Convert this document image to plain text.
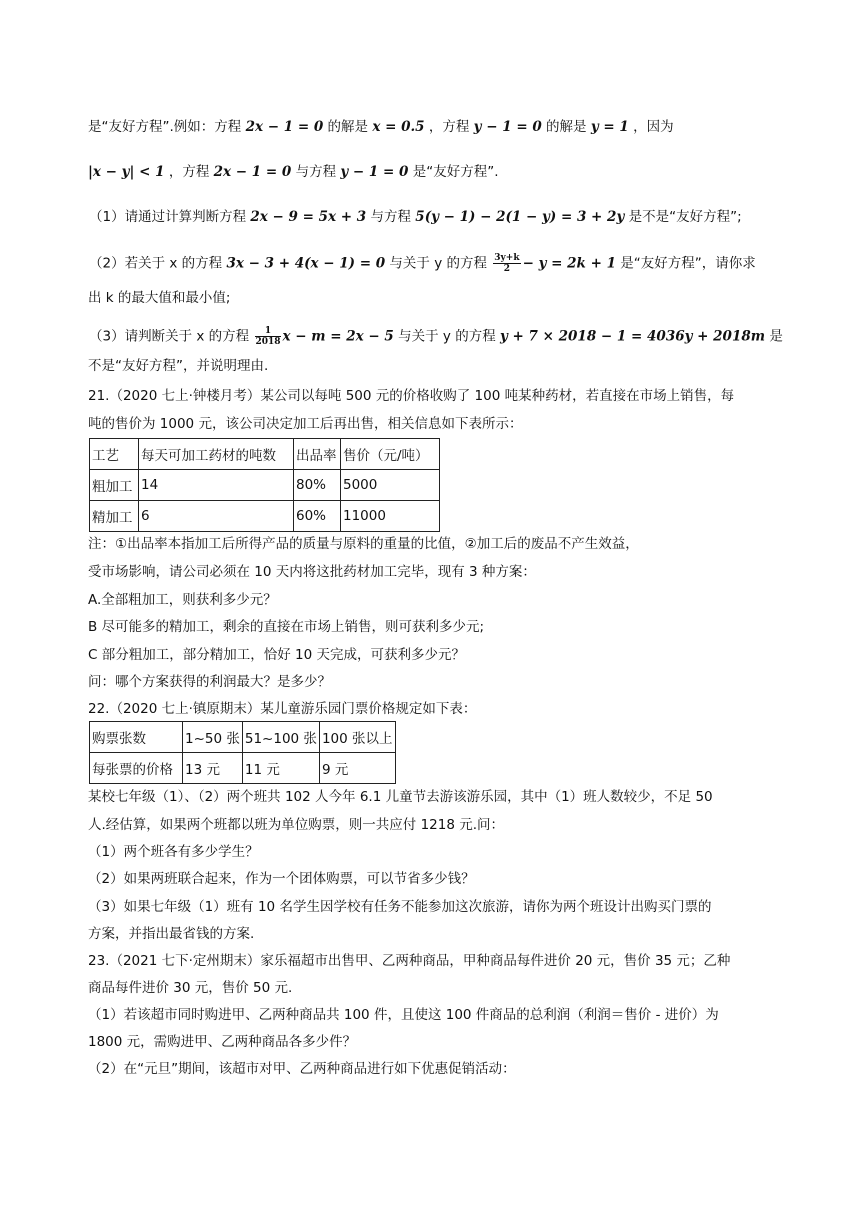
是“友好方程”.例如：方程 2x − 1 = 0 的解是 x = 0.5 ，方程 y − 1 = 0 的解是 y = 1 ，因为
|x − y| < 1 ，方程 2x − 1 = 0 与方程 y − 1 = 0 是“友好方程”.
（1）请通过计算判断方程 2x − 9 = 5x + 3 与方程 5(y − 1) − 2(1 − y) = 3 + 2y 是不是“友好方程”;
（2）若关于 x 的方程 3x − 3 + 4(x − 1) = 0 与关于 y 的方程 $\frac{3y+k}{2} - y = 2k + 1$ 是“友好方程”，请你求
出 k 的最大值和最小值;
（3）请判断关于 x 的方程 $\frac{1}{2018}$ x − m = 2x − 5 与关于 y 的方程 y + 7 × 2018 − 1 = 4036y + 2018m 是
不是“友好方程”，并说明理由.
21.（2020 七上·钟楼月考）某公司以每吨 500 元的价格收购了 100 吨某种药材，若直接在市场上销售，每
吨的售价为 1000 元，该公司决定加工后再出售，相关信息如下表所示：
工艺	每天可加工药材的吨数	出品率	售价（元/吨）
粗加工	14	80%	5000
精加工	6	60%	11000
注：①出品率本指加工后所得产品的质量与原料的重量的比值，②加工后的废品不产生效益，
受市场影响，请公司必须在 10 天内将这批药材加工完毕，现有 3 种方案：
A.全部粗加工，则获利多少元？
B 尽可能多的精加工，剩余的直接在市场上销售，则可获利多少元;
C 部分粗加工，部分精加工，恰好 10 天完成，可获利多少元？
问：哪个方案获得的利润最大？是多少？
22.（2020 七上·镇原期末）某儿童游乐园门票价格规定如下表：
购票张数	1~50 张	51~100 张	100 张以上
每张票的价格	13 元	11 元	9 元
某校七年级（1）、（2）两个班共 102 人今年 6.1 儿童节去游该游乐园，其中（1）班人数较少，不足 50
人.经估算，如果两个班都以班为单位购票，则一共应付 1218 元.问：
（1）两个班各有多少学生？
（2）如果两班联合起来，作为一个团体购票，可以节省多少钱？
（3）如果七年级（1）班有 10 名学生因学校有任务不能参加这次旅游，请你为两个班设计出购买门票的
方案，并指出最省钱的方案.
23.（2021 七下·定州期末）家乐福超市出售甲、乙两种商品，甲种商品每件进价 20 元，售价 35 元；乙种
商品每件进价 30 元，售价 50 元.
（1）若该超市同时购进甲、乙两种商品共 100 件，且使这 100 件商品的总利润（利润＝售价 - 进价）为
1800 元，需购进甲、乙两种商品各多少件？
（2）在“元旦”期间，该超市对甲、乙两种商品进行如下优惠促销活动：
